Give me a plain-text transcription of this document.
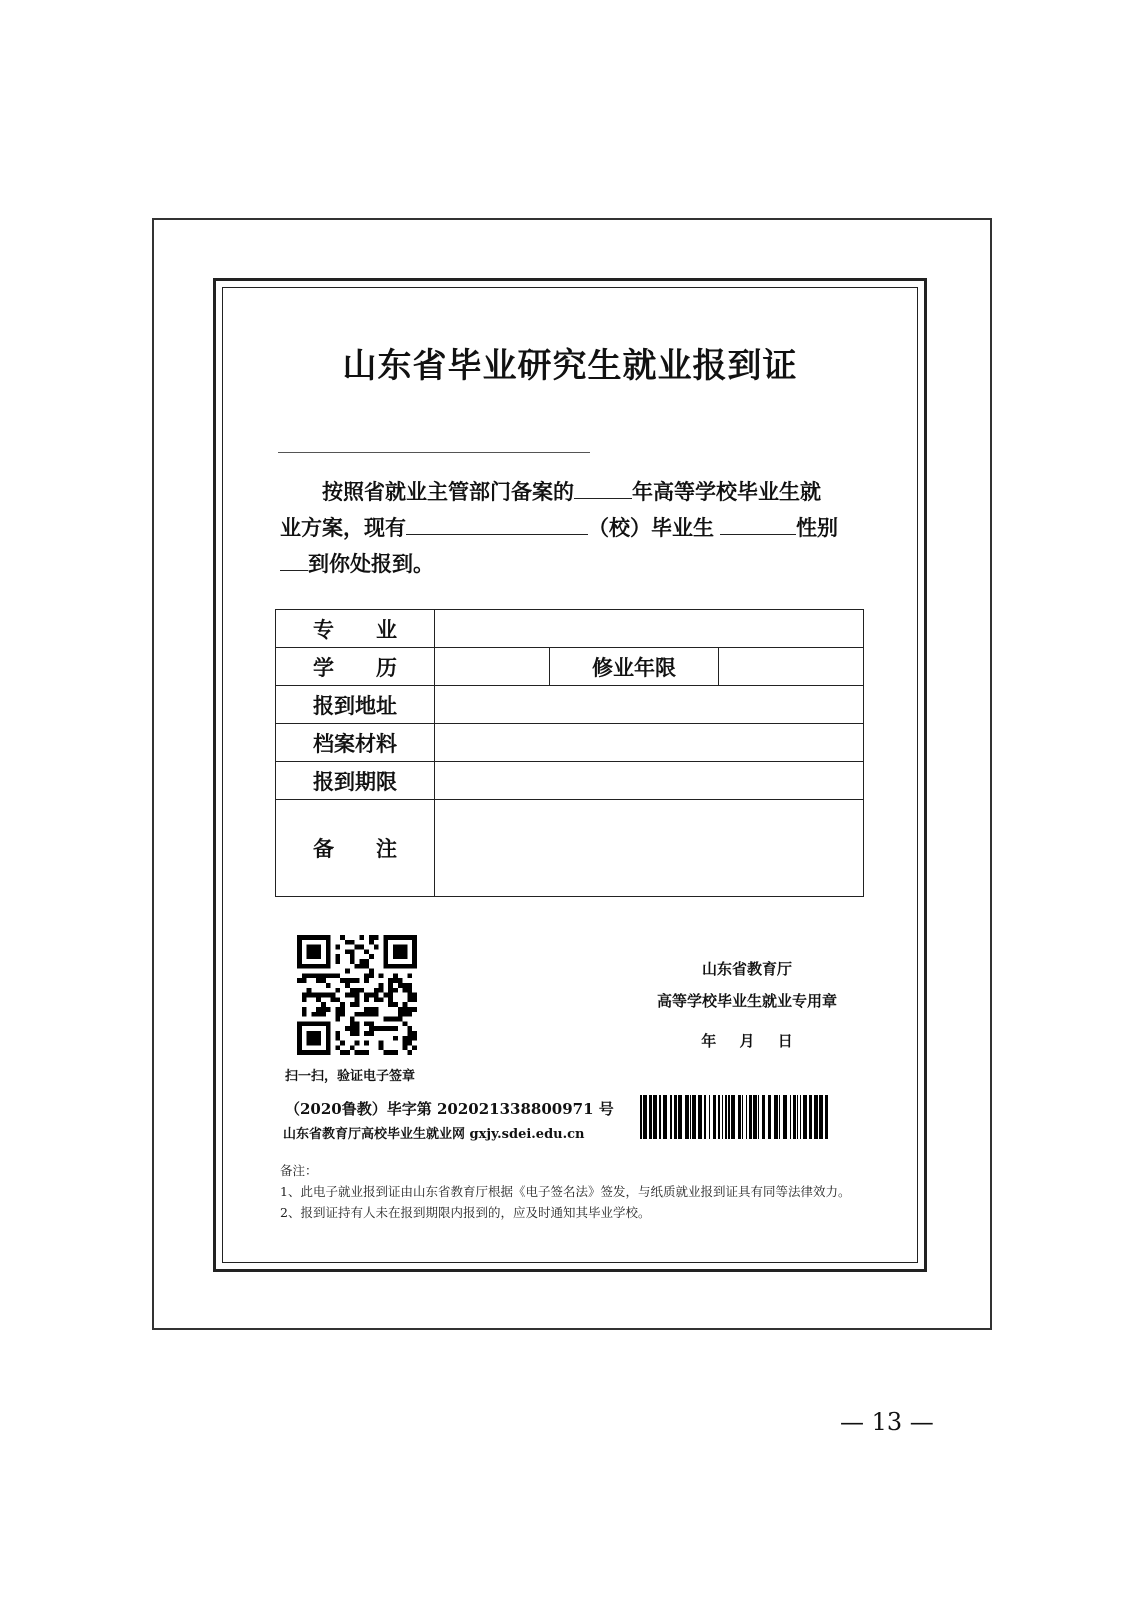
山东省毕业研究生就业报到证
按照省就业主管部门备案的	年高等学校毕业生就
业方案，现有	（校）毕业生	性别
到你处报到。
专　　业			
学　　历		修业年限	
报到地址			
档案材料			
报到期限			
备　　注			
山东省教育厅
高等学校毕业生就业专用章
年 月 日
扫一扫，验证电子签章
（2020鲁教）毕字第 202021338800971 号
山东省教育厅高校毕业生就业网 gxjy.sdei.edu.cn
备注：
1、此电子就业报到证由山东省教育厅根据《电子签名法》签发，与纸质就业报到证具有同等法律效力。
2、报到证持有人未在报到期限内报到的，应及时通知其毕业学校。
— 13 —
